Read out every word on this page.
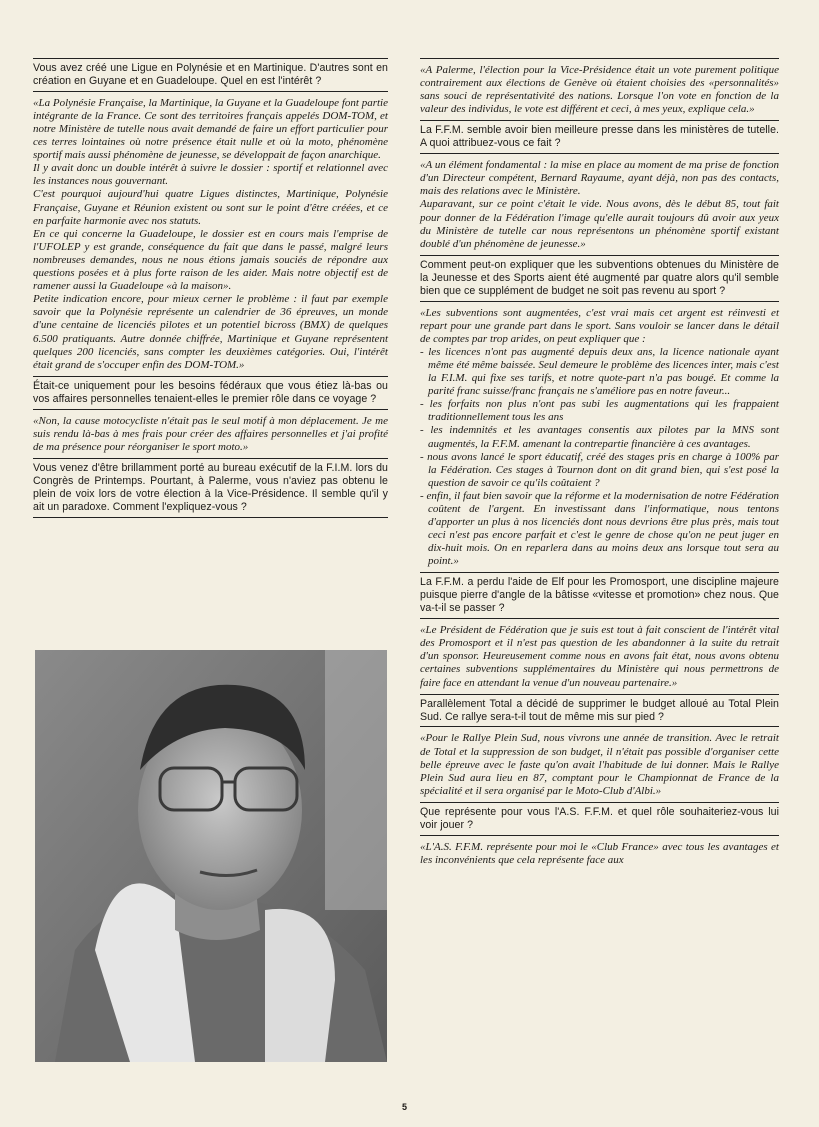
Vous avez créé une Ligue en Polynésie et en Martinique. D'autres sont en création en Guyane et en Guadeloupe. Quel en est l'intérêt ?

«La Polynésie Française, la Martinique, la Guyane et la Guadeloupe font partie intégrante de la France. Ce sont des territoires français appelés DOM-TOM, et notre Ministère de tutelle nous avait demandé de faire un effort particulier pour ces terres lointaines où notre présence était nulle et où la moto, phénomène sportif mais aussi phénomène de jeunesse, se développait de façon anarchique.

Il y avait donc un double intérêt à suivre le dossier : sportif et relationnel avec les instances nous gouvernant.

C'est pourquoi aujourd'hui quatre Ligues distinctes, Martinique, Polynésie Française, Guyane et Réunion existent ou sont sur le point d'être créées, et ce en parfaite harmonie avec nos statuts.

En ce qui concerne la Guadeloupe, le dossier est en cours mais l'emprise de l'UFOLEP y est grande, conséquence du fait que dans le passé, malgré leurs nombreuses demandes, nous ne nous étions jamais souciés de répondre aux questions posées et à plus forte raison de les aider. Mais notre objectif est de ramener aussi la Guadeloupe «à la maison».

Petite indication encore, pour mieux cerner le problème : il faut par exemple savoir que la Polynésie représente un calendrier de 36 épreuves, un monde d'une centaine de licenciés pilotes et un potentiel bicross (BMX) de quelques 6.500 pratiquants. Autre donnée chiffrée, Martinique et Guyane représentent quelques 200 licenciés, sans compter les deuxièmes catégories. Oui, l'intérêt était grand de s'occuper enfin des DOM-TOM.»

Était-ce uniquement pour les besoins fédéraux que vous étiez là-bas ou vos affaires personnelles tenaient-elles le premier rôle dans ce voyage ?

«Non, la cause motocycliste n'était pas le seul motif à mon déplacement. Je me suis rendu là-bas à mes frais pour créer des affaires personnelles et j'ai profité de ma présence pour réorganiser le sport moto.»

Vous venez d'être brillamment porté au bureau exécutif de la F.I.M. lors du Congrès de Printemps. Pourtant, à Palerme, vous n'aviez pas obtenu le plein de voix lors de votre élection à la Vice-Présidence. Il semble qu'il y ait un paradoxe. Comment l'expliquez-vous ?

«A Palerme, l'élection pour la Vice-Présidence était un vote purement politique contrairement aux élections de Genève où étaient choisies des «personnalités» sans souci de représentativité des nations. Lorsque l'on vote en fonction de la valeur des individus, le vote est différent et ceci, à mes yeux, explique cela.»

La F.F.M. semble avoir bien meilleure presse dans les ministères de tutelle. A quoi attribuez-vous ce fait ?

«A un élément fondamental : la mise en place au moment de ma prise de fonction d'un Directeur compétent, Bernard Rayaume, ayant déjà, non pas des contacts, mais des relations avec le Ministère.

Auparavant, sur ce point c'était le vide. Nous avons, dès le début 85, tout fait pour donner de la Fédération l'image qu'elle aurait toujours dû avoir aux yeux du Ministère de tutelle car nous représentons un phénomène sportif existant doublé d'un phénomène de jeunesse.»

Comment peut-on expliquer que les subventions obtenues du Ministère de la Jeunesse et des Sports aient été augmenté par quatre alors qu'il semble bien que ce supplément de budget ne soit pas revenu au sport ?

«Les subventions sont augmentées, c'est vrai mais cet argent est réinvesti et repart pour une grande part dans le sport. Sans vouloir se lancer dans le détail de comptes par trop arides, on peut expliquer que :

- les licences n'ont pas augmenté depuis deux ans, la licence nationale ayant même été même baissée. Seul demeure le problème des licences inter, mais c'est la F.I.M. qui fixe ses tarifs, et notre quote-part n'a pas bougé. Et comme la parité franc suisse/franc français ne s'améliore pas en notre faveur...
- les forfaits non plus n'ont pas subi les augmentations qui les frappaient traditionnellement tous les ans
- les indemnités et les avantages consentis aux pilotes par la MNS sont augmentés, la F.F.M. amenant la contrepartie financière à ces avantages.
- nous avons lancé le sport éducatif, créé des stages pris en charge à 100% par la Fédération. Ces stages à Tournon dont on dit grand bien, qui s'est posé la question de savoir ce qu'ils coûtaient ?
- enfin, il faut bien savoir que la réforme et la modernisation de notre Fédération coûtent de l'argent. En investissant dans l'informatique, nous tentons d'apporter un plus à nos licenciés dont nous devrions être plus près, mais tout ceci n'est pas encore parfait et c'est le genre de chose qu'on ne peut juger en dix-huit mois. On en reparlera dans au moins deux ans lorsque tout sera au point.»

La F.F.M. a perdu l'aide de Elf pour les Promosport, une discipline majeure puisque pierre d'angle de la bâtisse «vitesse et promotion» chez nous. Que va-t-il se passer ?

«Le Président de Fédération que je suis est tout à fait conscient de l'intérêt vital des Promosport et il n'est pas question de les abandonner à la suite du retrait d'un sponsor. Heureusement comme nous en avons fait état, nous avons obtenu certaines subventions supplémentaires du Ministère qui nous permettrons de faire face en attendant la venue d'un nouveau partenaire.»

Parallèlement Total a décidé de supprimer le budget alloué au Total Plein Sud. Ce rallye sera-t-il tout de même mis sur pied ?

«Pour le Rallye Plein Sud, nous vivrons une année de transition. Avec le retrait de Total et la suppression de son budget, il n'était pas possible d'organiser cette belle épreuve avec le faste qu'on avait l'habitude de lui donner. Mais le Rallye Plein Sud aura lieu en 87, comptant pour le Championnat de France de la spécialité et il sera organisé par le Moto-Club d'Albi.»

Que représente pour vous l'A.S. F.F.M. et quel rôle souhaiteriez-vous lui voir jouer ?

«L'A.S. F.F.M. représente pour moi le «Club France» avec tous les avantages et les inconvénients que cela représente face aux

5
